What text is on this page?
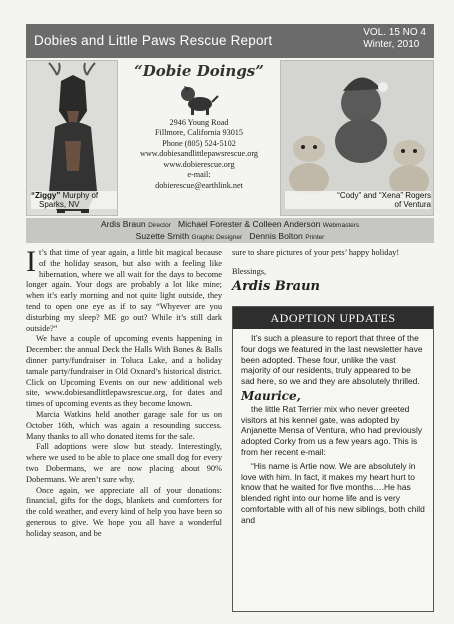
Dobies and Little Paws Rescue Report
VOL. 15 NO 4
Winter, 2010
“Ziggy” Murphy of
Sparks, NV
“Dobie Doings”
2946 Young Road
Fillmore, California 93015
Phone (805) 524-5102
www.dobiesandlittlepawsrescue.org
www.dobierescue.org
e-mail:
dobierescue@earthlink.net
“Cody” and “Xena” Rogers
of Ventura
Ardis Braun Director Michael Forester & Colleen Anderson Webmasters
Suzette Smith Graphic Designer Dennis Bolton Printer

It’s that time of year again, a little bit magical because of the holiday season, but also with a feeling like hibernation, where we all wait for the days to become longer again. Your dogs are probably a lot like mine; when it’s early morning and not quite light outside, they tend to open one eye as if to say “Whyever are you disturbing my sleep? ME go out? While it’s still dark outside?”

We have a couple of upcoming events happening in December: the annual Deck the Halls With Bones & Balls dinner party/fundraiser in Toluca Lake, and a holiday tamale party/fundraiser in Old Oxnard’s historical district. Click on Upcoming Events on our new additional web site, www.dobiesandlittlepawsrescue.org, for dates and times of upcoming events as they become known.

Marcia Watkins held another garage sale for us on October 16th, which was again a resounding success. Many thanks to all who donated items for the sale.

Fall adoptions were slow but steady. Interestingly, where we used to be able to place one small dog for every two Dobermans, we are now placing about 90% Dobermans. We aren’t sure why.

Once again, we appreciate all of your donations: financial, gifts for the dogs, blankets and comforters for the cold weather, and every kind of help you have been so generous to give. We hope you all have a wonderful holiday season, and be

sure to share pictures of your pets’ happy holiday!

Blessings,

Ardis Braun
ADOPTION UPDATES

It’s such a pleasure to report that three of the four dogs we featured in the last newsletter have been adopted. These four, unlike the vast majority of our residents, truly appeared to be sad here, so we and they are absolutely thrilled.

Maurice,

the little Rat Terrier mix who never greeted visitors at his kennel gate, was adopted by Anjanette Mensa of Ventura, who had previously adopted Corky from us a few years ago. This is from her recent e-mail:

“His name is Artie now. We are absolutely in love with him. In fact, it makes my heart hurt to know that he waited for five months….He has blended right into our home life and is very comfortable with all of his new siblings, both child and
